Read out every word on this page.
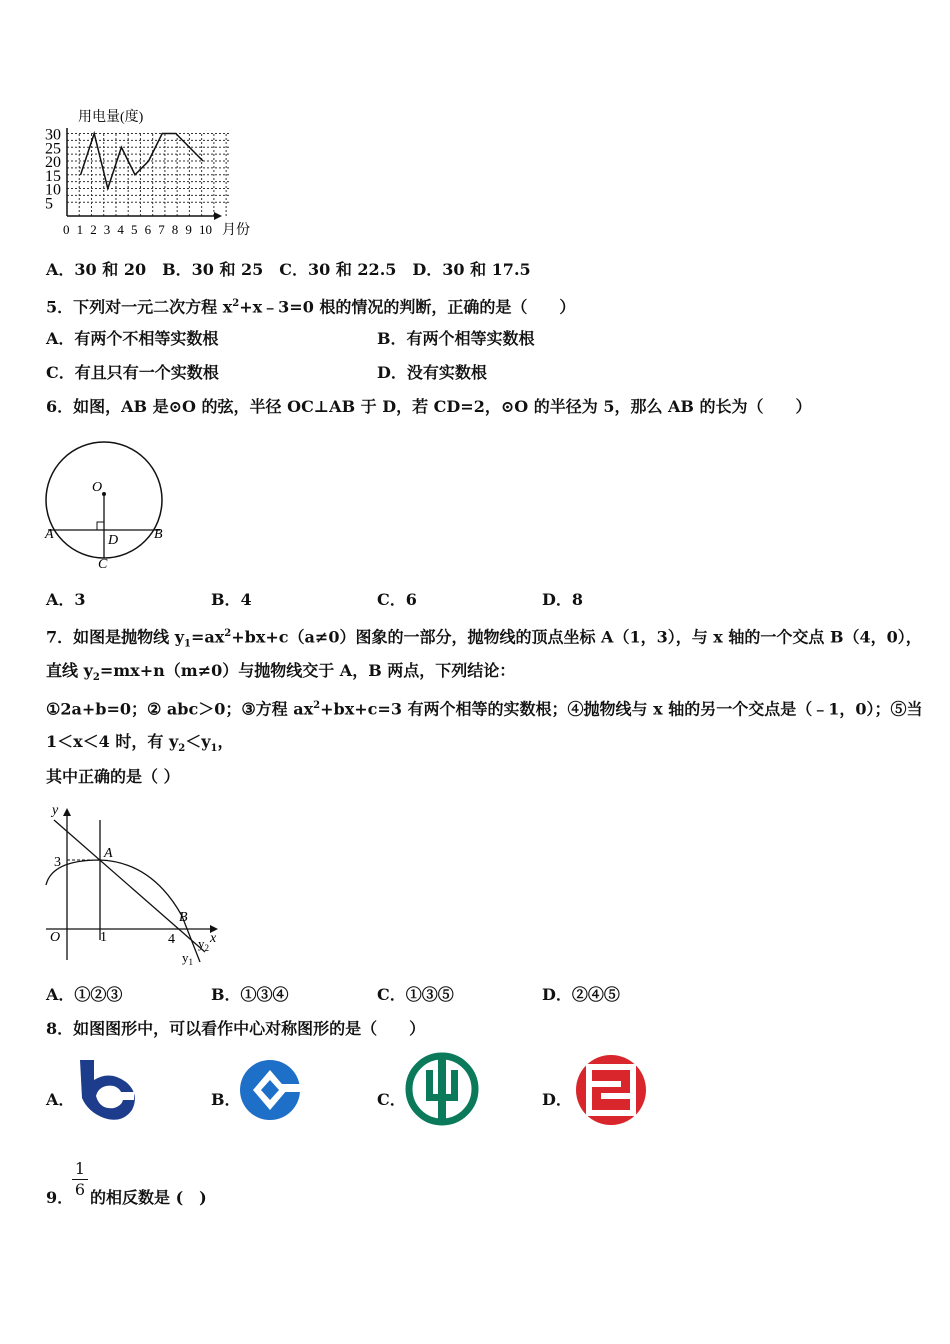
用电量(度)
30
25
20
15
10
5
0 1 2 3 4 5 6 7 8 9 10 月份
A．30 和 20　B．30 和 25　C．30 和 22.5　D．30 和 17.5
5．下列对一元二次方程 $x^2+x﹣3=0$ 根的情况的判断，正确的是（　　）
A．有两个不相等实数根	B．有两个相等实数根
C．有且只有一个实数根	D．没有实数根
6．如图，AB 是⊙O 的弦，半径 OC⊥AB 于 D，若 CD=2，⊙O 的半径为 5，那么 AB 的长为（　　）
O
A	B
D
C
A．3	B．4	C．6	D．8
7．如图是抛物线 $y_1=ax^2+bx+c(a\ne 0)$图象的一部分，抛物线的顶点坐标 A（1，3），与 x 轴的一个交点 B（4，0），
直线 $y_2=mx+n(m\ne 0)$与抛物线交于 A，B 两点，下列结论：
①2a+b=0；② abc＞0；③方程 $ax^2+bx+c=3$ 有两个相等的实数根；④抛物线与 x 轴的另一个交点是（﹣1，0）；⑤当
1＜x＜4 时，有 $y_2<y_1$，
其中正确的是（ ）
y
x
O
3
1	4
A
B
$y_2$
$y_1$
A．①②③	B．①③④	C．①③⑤	D．②④⑤
8．如图图形中，可以看作中心对称图形的是（　　）
A．	B．	C．	D．
9．
1
6 的相反数是 (　)
